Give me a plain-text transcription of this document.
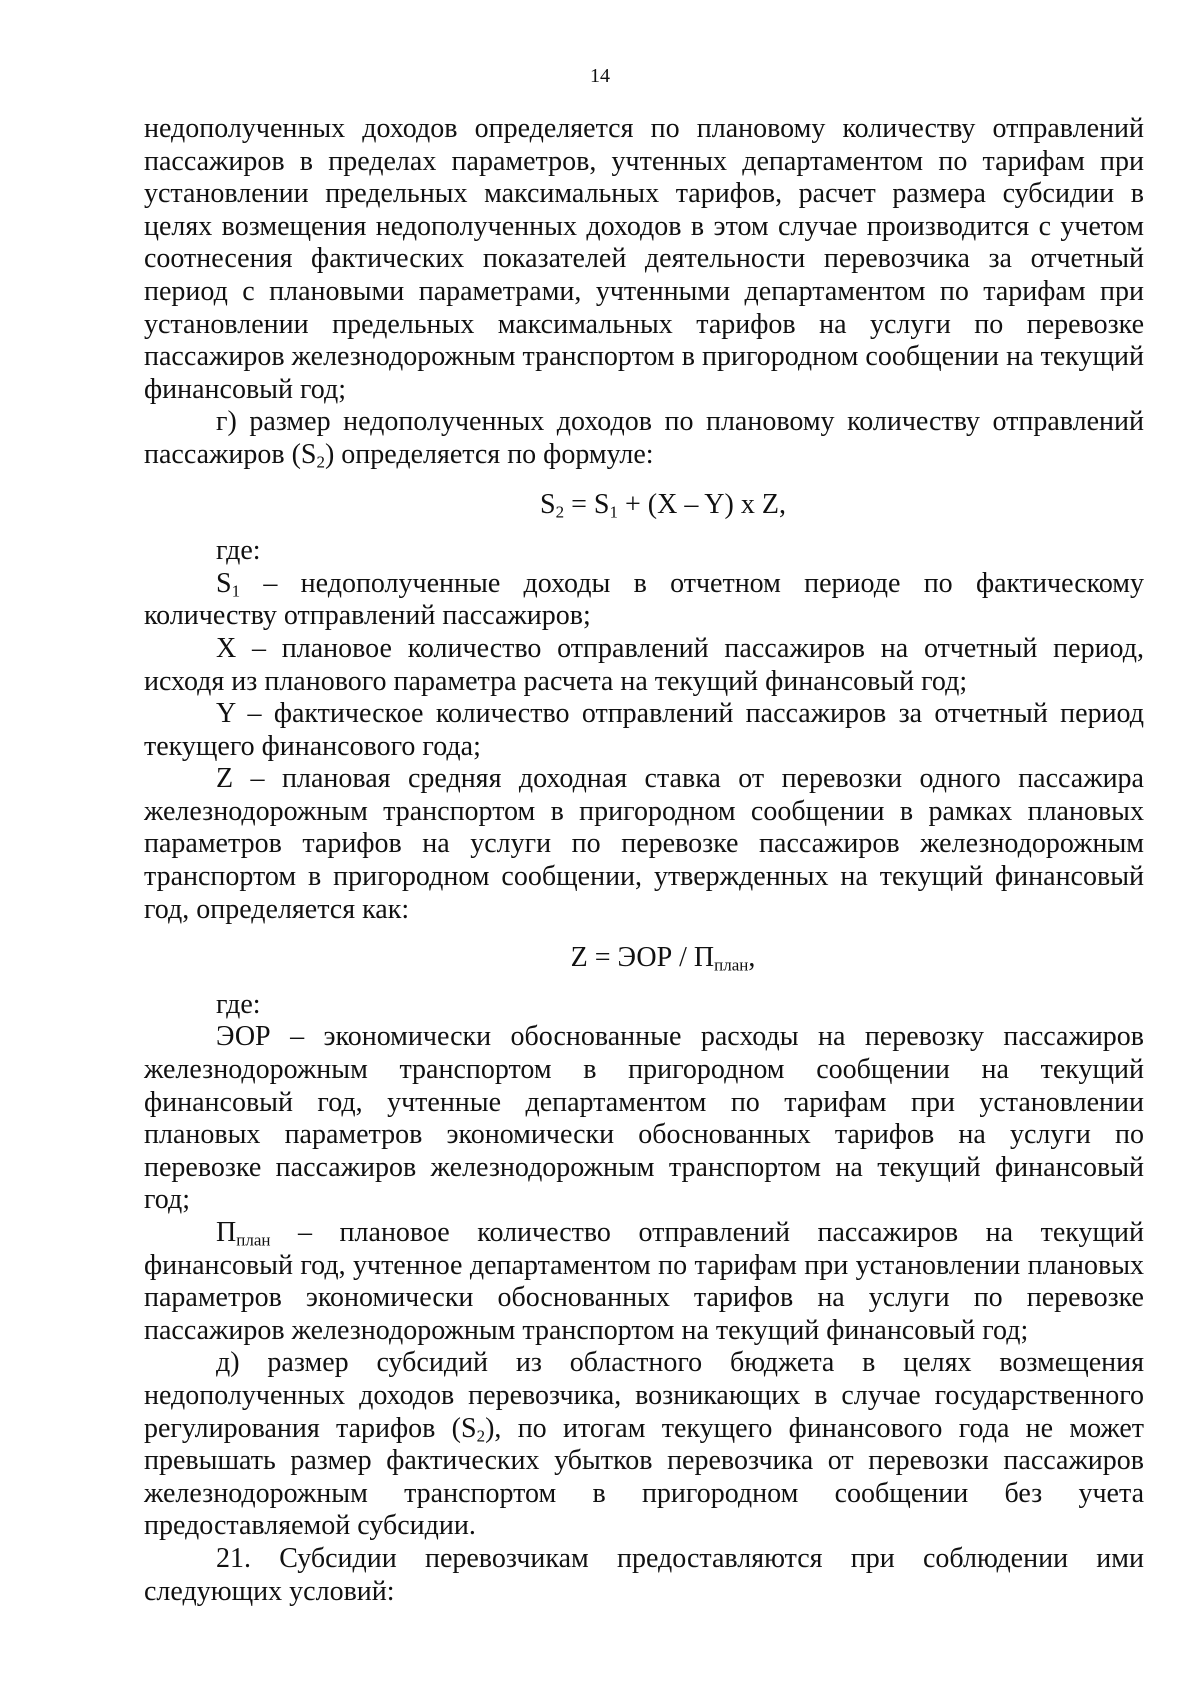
14

недополученных доходов определяется по плановому количеству отправлений пассажиров в пределах параметров, учтенных департаментом по тарифам при установлении предельных максимальных тарифов, расчет размера субсидии в целях возмещения недополученных доходов в этом случае производится с учетом соотнесения фактических показателей деятельности перевозчика за отчетный период с плановыми параметрами, учтенными департаментом по тарифам при установлении предельных максимальных тарифов на услуги по перевозке пассажиров железнодорожным транспортом в пригородном сообщении на текущий финансовый год;

г) размер недополученных доходов по плановому количеству отправлений пассажиров $(S_2)$ определяется по формуле:

$S_2 = S_1 + (X - Y)$ x Z,

где:

$S_1$ – недополученные доходы в отчетном периоде по фактическому количеству отправлений пассажиров;

X – плановое количество отправлений пассажиров на отчетный период, исходя из планового параметра расчета на текущий финансовый год;

Y – фактическое количество отправлений пассажиров за отчетный период текущего финансового года;

Z – плановая средняя доходная ставка от перевозки одного пассажира железнодорожным транспортом в пригородном сообщении в рамках плановых параметров тарифов на услуги по перевозке пассажиров железнодорожным транспортом в пригородном сообщении, утвержденных на текущий финансовый год, определяется как:

Z = ЭОР / $П_{план}$,

где:

ЭОР – экономически обоснованные расходы на перевозку пассажиров железнодорожным транспортом в пригородном сообщении на текущий финансовый год, учтенные департаментом по тарифам при установлении плановых параметров экономически обоснованных тарифов на услуги по перевозке пассажиров железнодорожным транспортом на текущий финансовый год;

$П_{план}$ – плановое количество отправлений пассажиров на текущий финансовый год, учтенное департаментом по тарифам при установлении плановых параметров экономически обоснованных тарифов на услуги по перевозке пассажиров железнодорожным транспортом на текущий финансовый год;

д) размер субсидий из областного бюджета в целях возмещения недополученных доходов перевозчика, возникающих в случае государственного регулирования тарифов $(S_2)$, по итогам текущего финансового года не может превышать размер фактических убытков перевозчика от перевозки пассажиров железнодорожным транспортом в пригородном сообщении без учета предоставляемой субсидии.

21. Субсидии перевозчикам предоставляются при соблюдении ими следующих условий:
